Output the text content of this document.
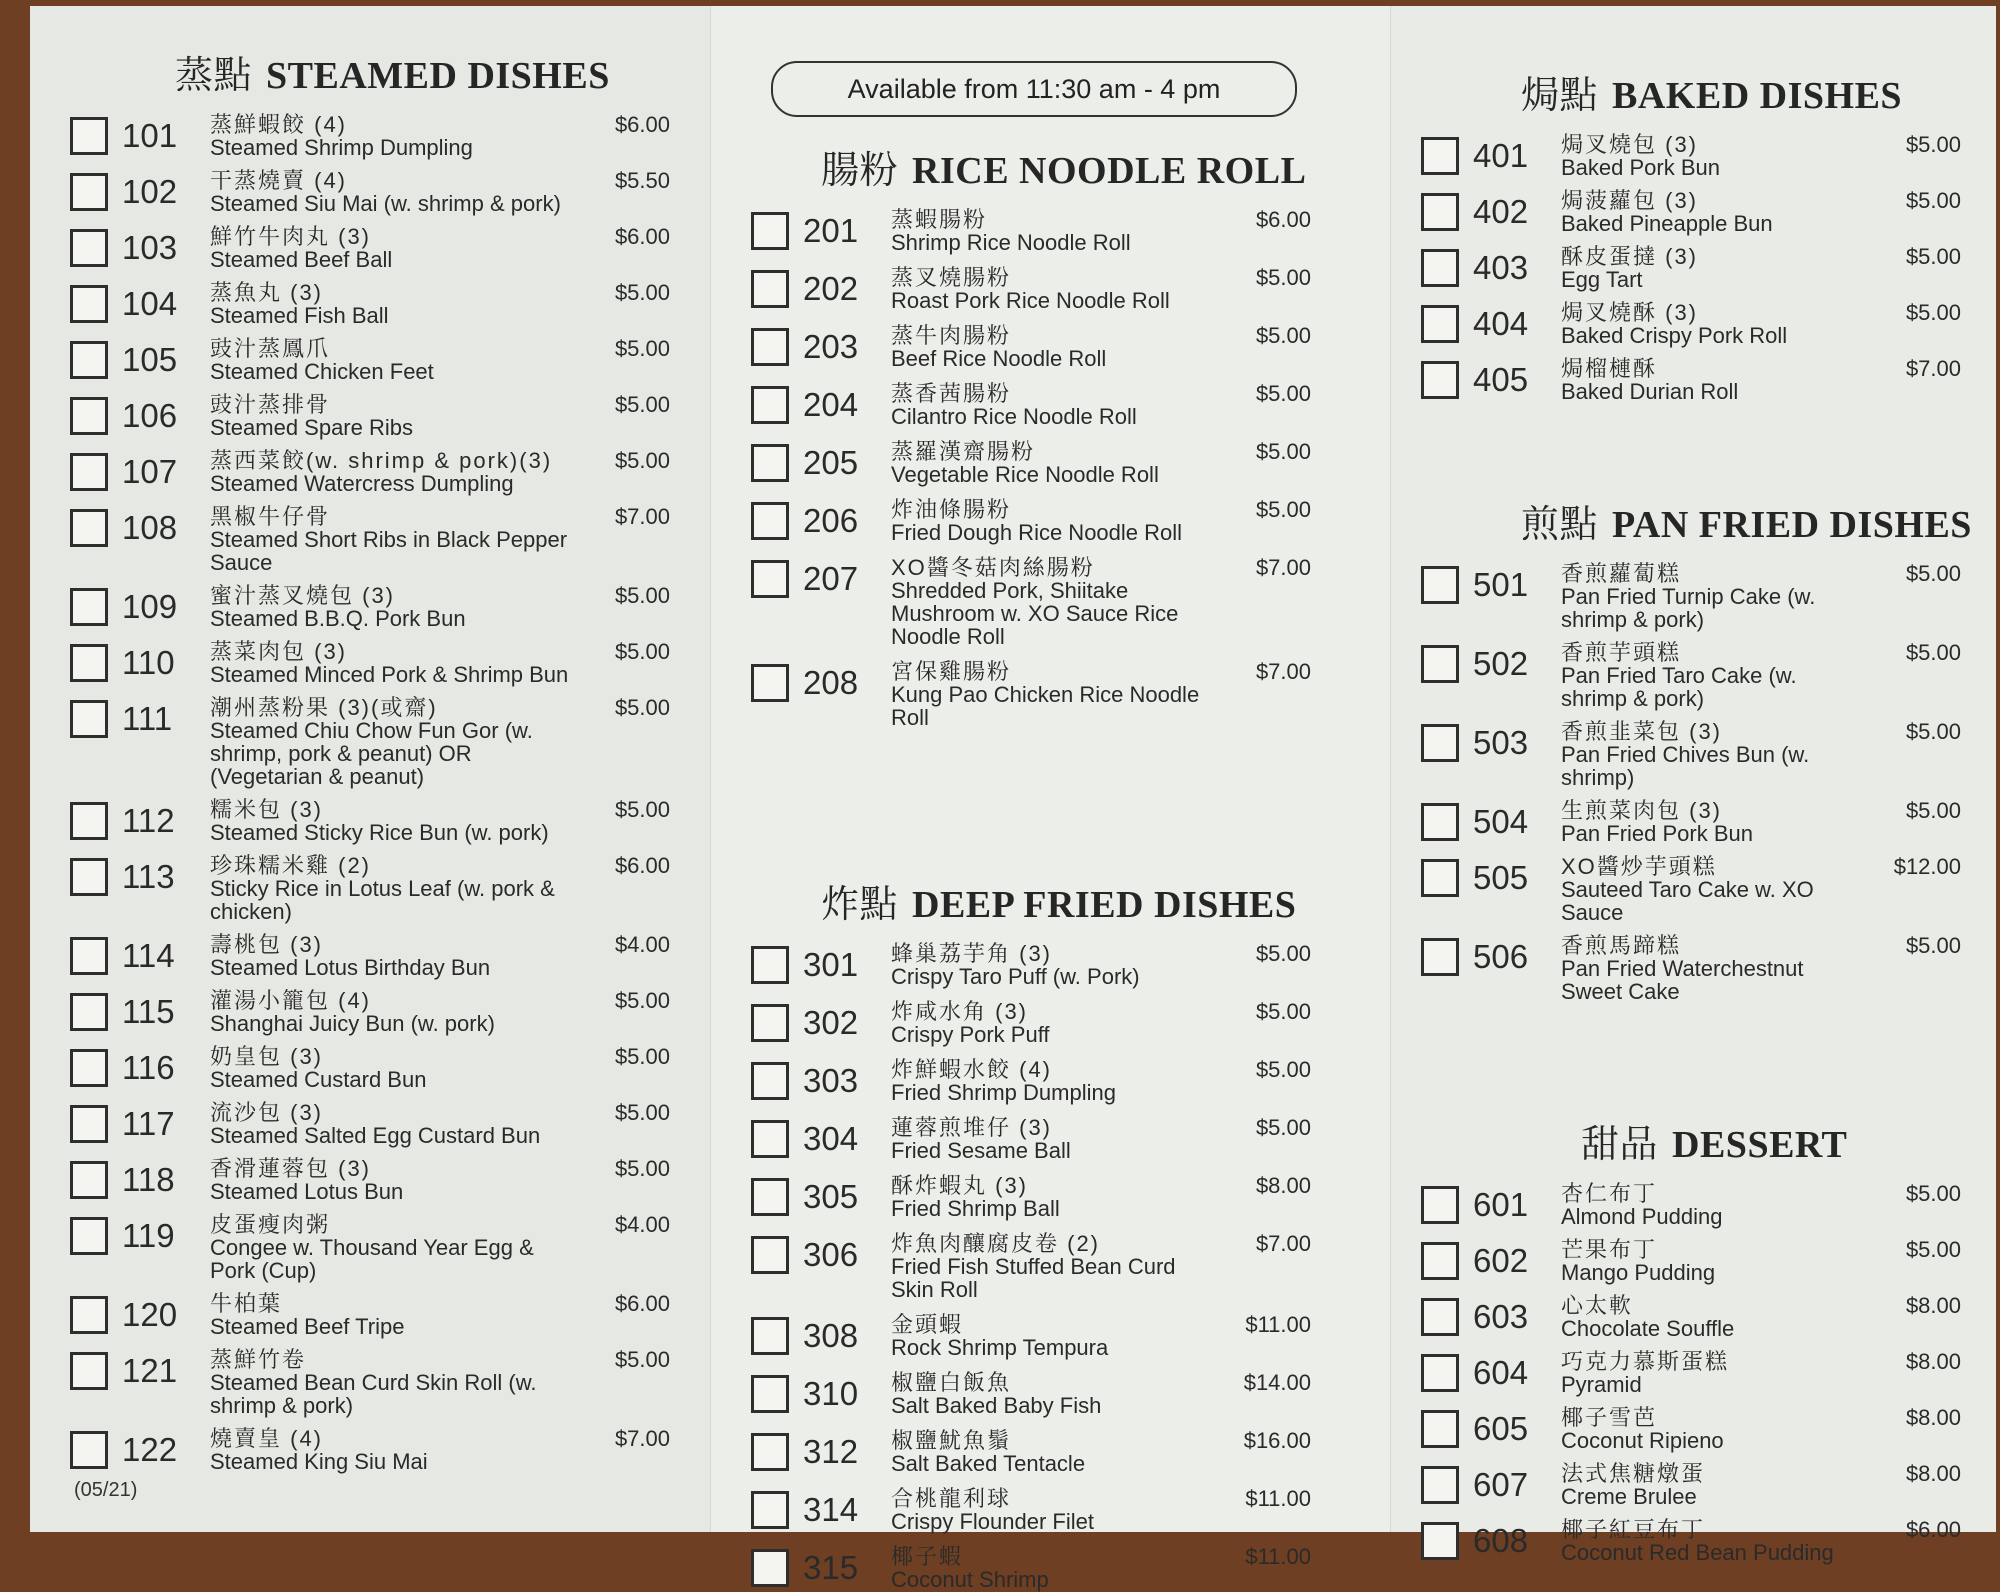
蒸點 STEAMED DISHES
101	蒸鮮蝦餃 (4)
Steamed Shrimp Dumpling
$6.00
102	干蒸燒賣 (4)
Steamed Siu Mai (w. shrimp & pork)
$5.50
103	鮮竹牛肉丸 (3)
Steamed Beef Ball
$6.00
104	蒸魚丸 (3)
Steamed Fish Ball
$5.00
105	豉汁蒸鳳爪
Steamed Chicken Feet
$5.00
106	豉汁蒸排骨
Steamed Spare Ribs
$5.00
107	蒸西菜餃(w. shrimp & pork)(3)
Steamed Watercress Dumpling
$5.00
108	黑椒牛仔骨
Steamed Short Ribs in Black Pepper Sauce
$7.00
109	蜜汁蒸叉燒包 (3)
Steamed B.B.Q. Pork Bun
$5.00
110	蒸菜肉包 (3)
Steamed Minced Pork & Shrimp Bun
$5.00
111	潮州蒸粉果 (3)(或齋)
Steamed Chiu Chow Fun Gor (w. shrimp, pork & peanut) OR (Vegetarian & peanut)
$5.00
112	糯米包 (3)
Steamed Sticky Rice Bun (w. pork)
$5.00
113	珍珠糯米雞 (2)
Sticky Rice in Lotus Leaf (w. pork & chicken)
$6.00
114	壽桃包 (3)
Steamed Lotus Birthday Bun
$4.00
115	灌湯小籠包 (4)
Shanghai Juicy Bun (w. pork)
$5.00
116	奶皇包 (3)
Steamed Custard Bun
$5.00
117	流沙包 (3)
Steamed Salted Egg Custard Bun
$5.00
118	香滑蓮蓉包 (3)
Steamed Lotus Bun
$5.00
119	皮蛋瘦肉粥
Congee w. Thousand Year Egg & Pork (Cup)
$4.00
120	牛柏葉
Steamed Beef Tripe
$6.00
121	蒸鮮竹卷
Steamed Bean Curd Skin Roll (w. shrimp & pork)
$5.00
122	燒賣皇 (4)
Steamed King Siu Mai
$7.00
(05/21)
Available from 11:30 am - 4 pm
腸粉 RICE NOODLE ROLL
201	蒸蝦腸粉
Shrimp Rice Noodle Roll
$6.00
202	蒸叉燒腸粉
Roast Pork Rice Noodle Roll
$5.00
203	蒸牛肉腸粉
Beef Rice Noodle Roll
$5.00
204	蒸香茜腸粉
Cilantro Rice Noodle Roll
$5.00
205	蒸羅漢齋腸粉
Vegetable Rice Noodle Roll
$5.00
206	炸油條腸粉
Fried Dough Rice Noodle Roll
$5.00
207	XO醬冬菇肉絲腸粉
Shredded Pork, Shiitake Mushroom w. XO Sauce Rice Noodle Roll
$7.00
208	宮保雞腸粉
Kung Pao Chicken Rice Noodle Roll
$7.00
炸點 DEEP FRIED DISHES
301	蜂巢荔芋角 (3)
Crispy Taro Puff (w. Pork)
$5.00
302	炸咸水角 (3)
Crispy Pork Puff
$5.00
303	炸鮮蝦水餃 (4)
Fried Shrimp Dumpling
$5.00
304	蓮蓉煎堆仔 (3)
Fried Sesame Ball
$5.00
305	酥炸蝦丸 (3)
Fried Shrimp Ball
$8.00
306	炸魚肉釀腐皮卷 (2)
Fried Fish Stuffed Bean Curd Skin Roll
$7.00
308	金頭蝦
Rock Shrimp Tempura
$11.00
310	椒鹽白飯魚
Salt Baked Baby Fish
$14.00
312	椒鹽魷魚鬚
Salt Baked Tentacle
$16.00
314	合桃龍利球
Crispy Flounder Filet
$11.00
315	椰子蝦
Coconut Shrimp
$11.00
焗點 BAKED DISHES
401	焗叉燒包 (3)
Baked Pork Bun
$5.00
402	焗菠蘿包 (3)
Baked Pineapple Bun
$5.00
403	酥皮蛋撻 (3)
Egg Tart
$5.00
404	焗叉燒酥 (3)
Baked Crispy Pork Roll
$5.00
405	焗榴槤酥
Baked Durian Roll
$7.00
煎點 PAN FRIED DISHES
501	香煎蘿蔔糕
Pan Fried Turnip Cake (w. shrimp & pork)
$5.00
502	香煎芋頭糕
Pan Fried Taro Cake (w. shrimp & pork)
$5.00
503	香煎韭菜包 (3)
Pan Fried Chives Bun (w. shrimp)
$5.00
504	生煎菜肉包 (3)
Pan Fried Pork Bun
$5.00
505	XO醬炒芋頭糕
Sauteed Taro Cake w. XO Sauce
$12.00
506	香煎馬蹄糕
Pan Fried Waterchestnut Sweet Cake
$5.00
甜品 DESSERT
601	杏仁布丁
Almond Pudding
$5.00
602	芒果布丁
Mango Pudding
$5.00
603	心太軟
Chocolate Souffle
$8.00
604	巧克力慕斯蛋糕
Pyramid
$8.00
605	椰子雪芭
Coconut Ripieno
$8.00
607	法式焦糖燉蛋
Creme Brulee
$8.00
608	椰子紅豆布丁
Coconut Red Bean Pudding
$6.00
